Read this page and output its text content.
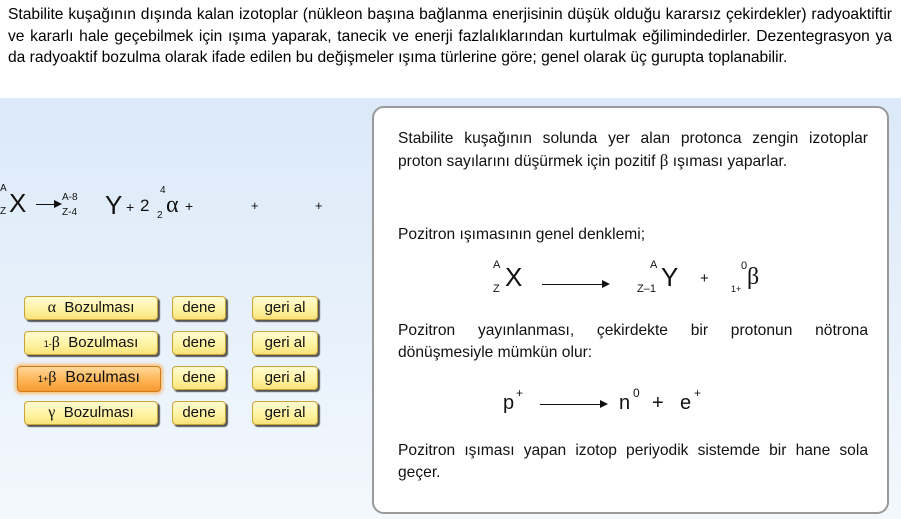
Stabilite kuşağının dışında kalan izotoplar (nükleon başına bağlanma enerjisinin düşük olduğu kararsız çekirdekler) radyoaktiftir ve kararlı hale geçebilmek için ışıma yaparak, tanecik ve enerji fazlalıklarından kurtulmak eğilimindedirler. Dezentegrasyon ya da radyoaktif bozulma olarak ifade edilen bu değişmeler ışıma türlerine göre; genel olarak üç gurupta toplanabilir.
A
Z X →
A-8
Z-4 Y + 2
4
2 α +	+	+
α Bozulması	dene	geri al
1-β Bozulması	dene	geri al
1+β Bozulması	dene	geri al
γ Bozulması	dene	geri al
Stabilite kuşağının solunda yer alan protonca zengin izotoplar proton sayılarını düşürmek için pozitif β ışıması yaparlar.
Pozitron ışımasının genel denklemi;
A
Z X	A
Z–1 Y +
0
1+ β
Pozitron yayınlanması, çekirdekte bir protonun nötrona dönüşmesiyle mümkün olur:
p +	n 0 + e +
Pozitron ışıması yapan izotop periyodik sistemde bir hane sola geçer.
